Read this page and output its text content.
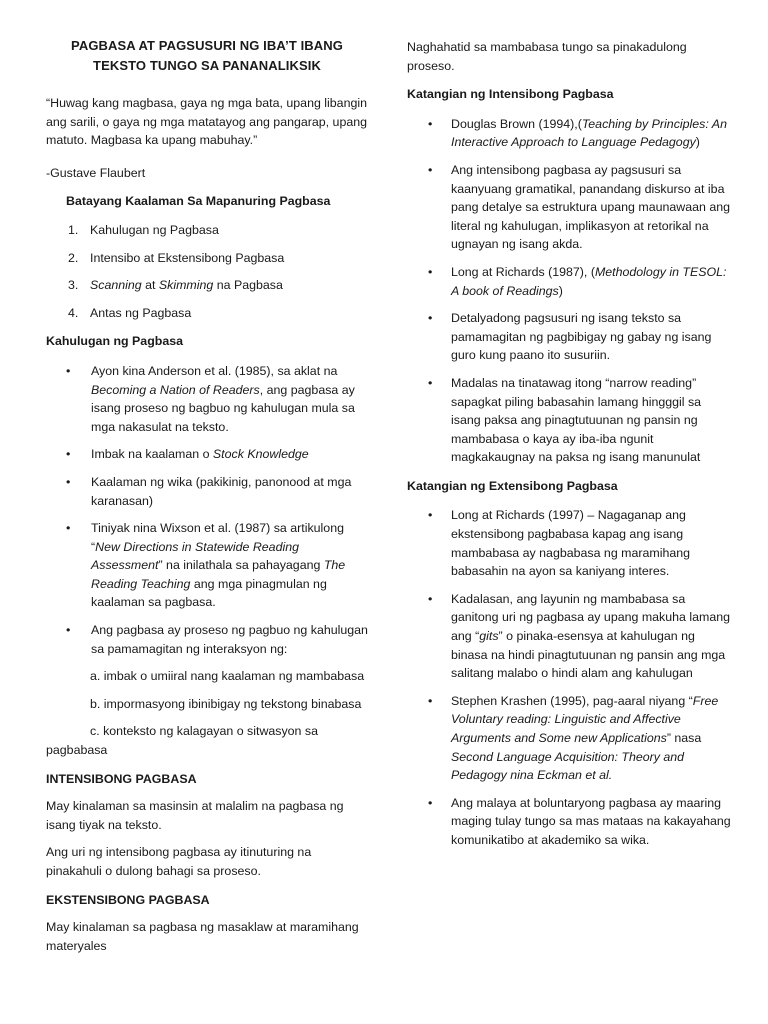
PAGBASA AT PAGSUSURI NG IBA’T IBANG
TEKSTO TUNGO SA PANANALIKSIK

“Huwag kang magbasa, gaya ng mga bata, upang libangin ang sarili, o gaya ng mga matatayog ang pangarap, upang matuto. Magbasa ka upang mabuhay.”

-Gustave Flaubert

Batayang Kaalaman Sa Mapanuring Pagbasa

1. Kahulugan ng Pagbasa
2. Intensibo at Ekstensibong Pagbasa
3. Scanning at Skimming na Pagbasa
4. Antas ng Pagbasa

Kahulugan ng Pagbasa

• Ayon kina Anderson et al. (1985), sa aklat na Becoming a Nation of Readers, ang pagbasa ay isang proseso ng bagbuo ng kahulugan mula sa mga nakasulat na teksto.
• Imbak na kaalaman o Stock Knowledge
• Kaalaman ng wika (pakikinig, panonood at mga karanasan)
• Tiniyak nina Wixson et al. (1987) sa artikulong “New Directions in Statewide Reading Assessment” na inilathala sa pahayagang The Reading Teaching ang mga pinagmulan ng kaalaman sa pagbasa.
• Ang pagbasa ay proseso ng pagbuo ng kahulugan sa pamamagitan ng interaksyon ng:

a. imbak o umiiral nang kaalaman ng mambabasa

b. impormasyong ibinibigay ng tekstong binabasa

c. konteksto ng kalagayan o sitwasyon sa pagbabasa

INTENSIBONG PAGBASA

May kinalaman sa masinsin at malalim na pagbasa ng isang tiyak na teksto.

Ang uri ng intensibong pagbasa ay itinuturing na pinakahuli o dulong bahagi sa proseso.

EKSTENSIBONG PAGBASA

May kinalaman sa pagbasa ng masaklaw at maramihang materyales

Naghahatid sa mambabasa tungo sa pinakadulong proseso.

Katangian ng Intensibong Pagbasa

• Douglas Brown (1994),(Teaching by Principles: An Interactive Approach to Language Pedagogy)
• Ang intensibong pagbasa ay pagsusuri sa kaanyuang gramatikal, panandang diskurso at iba pang detalye sa estruktura upang maunawaan ang literal ng kahulugan, implikasyon at retorikal na ugnayan ng isang akda.
• Long at Richards (1987), (Methodology in TESOL: A book of Readings)
• Detalyadong pagsusuri ng isang teksto sa pamamagitan ng pagbibigay ng gabay ng isang guro kung paano ito susuriin.
• Madalas na tinatawag itong “narrow reading” sapagkat piling babasahin lamang hingggil sa isang paksa ang pinagtutuunan ng pansin ng mambabasa o kaya ay iba-iba ngunit magkakaugnay na paksa ng isang manunulat

Katangian ng Extensibong Pagbasa

• Long at Richards (1997) – Nagaganap ang ekstensibong pagbabasa kapag ang isang mambabasa ay nagbabasa ng maramihang babasahin na ayon sa kaniyang interes.
• Kadalasan, ang layunin ng mambabasa sa ganitong uri ng pagbasa ay upang makuha lamang ang “gits” o pinaka-esensya at kahulugan ng binasa na hindi pinagtutuunan ng pansin ang mga salitang malabo o hindi alam ang kahulugan
• Stephen Krashen (1995), pag-aaral niyang “Free Voluntary reading: Linguistic and Affective Arguments and Some new Applications” nasa Second Language Acquisition: Theory and Pedagogy nina Eckman et al.
• Ang malaya at boluntaryong pagbasa ay maaring maging tulay tungo sa mas mataas na kakayahang komunikatibo at akademiko sa wika.
